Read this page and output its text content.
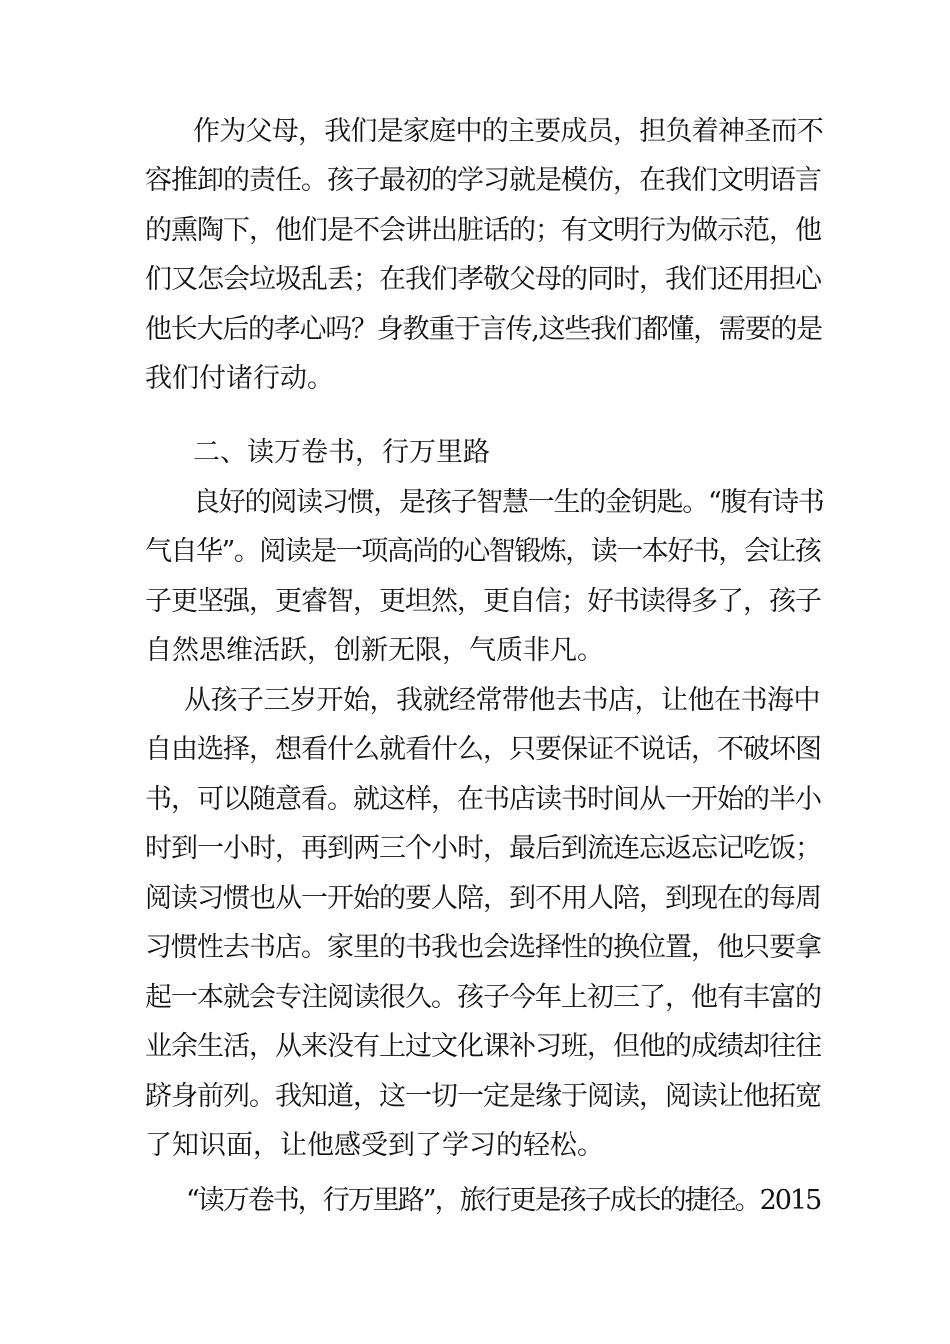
作为父母，我们是家庭中的主要成员，担负着神圣而不
容推卸的责任。孩子最初的学习就是模仿，在我们文明语言
的熏陶下，他们是不会讲出脏话的；有文明行为做示范，他
们又怎会垃圾乱丢；在我们孝敬父母的同时，我们还用担心
他长大后的孝心吗？身教重于言传,这些我们都懂，需要的是
我们付诸行动。
二、读万卷书，行万里路
良好的阅读习惯，是孩子智慧一生的金钥匙。“腹有诗书
气自华”。阅读是一项高尚的心智锻炼，读一本好书，会让孩
子更坚强，更睿智，更坦然，更自信；好书读得多了，孩子
自然思维活跃，创新无限，气质非凡。
从孩子三岁开始，我就经常带他去书店，让他在书海中
自由选择，想看什么就看什么，只要保证不说话，不破坏图
书，可以随意看。就这样，在书店读书时间从一开始的半小
时到一小时，再到两三个小时，最后到流连忘返忘记吃饭；
阅读习惯也从一开始的要人陪，到不用人陪，到现在的每周
习惯性去书店。家里的书我也会选择性的换位置，他只要拿
起一本就会专注阅读很久。孩子今年上初三了，他有丰富的
业余生活，从来没有上过文化课补习班，但他的成绩却往往
跻身前列。我知道，这一切一定是缘于阅读，阅读让他拓宽
了知识面，让他感受到了学习的轻松。
“读万卷书，行万里路”，旅行更是孩子成长的捷径。2015
